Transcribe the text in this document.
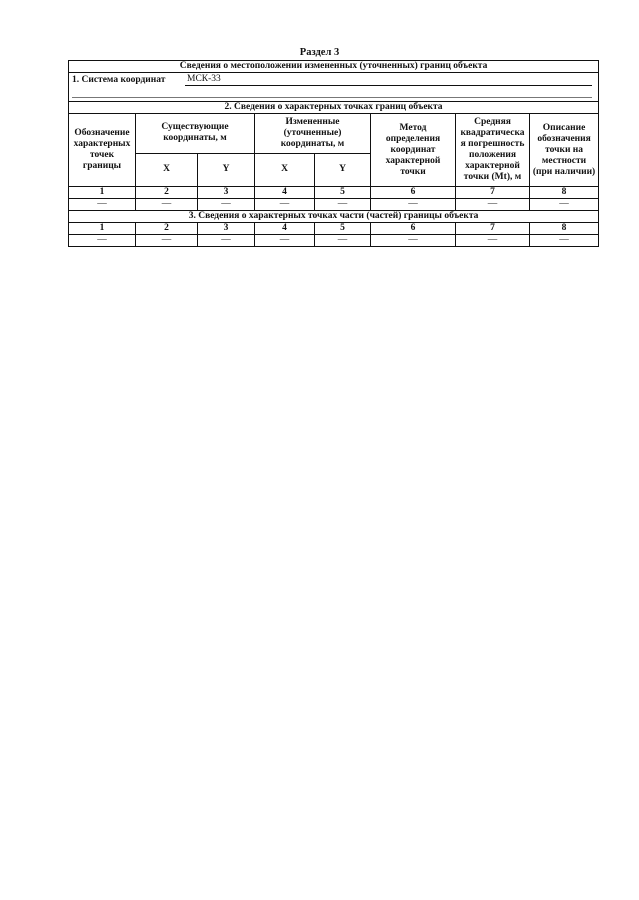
Раздел 3
Сведения о местоположении измененных (уточненных) границ объекта							

1. Система координат МСК-33							

2. Сведения о характерных точках границ объекта							
Обозначение характерных точек границы	Существующие координаты, м		Измененные (уточненные) координаты, м		Метод определения координат характерной точки	Средняя квадратическая погрешность положения характерной точки (Mt), м	Описание обозначения точки на местности (при наличии)
	X	Y	X	Y			
1	2	3	4	5	6	7	8
—	—	—	—	—	—	—	—
3. Сведения о характерных точках части (частей) границы объекта							
1	2	3	4	5	6	7	8
—	—	—	—	—	—	—	—
